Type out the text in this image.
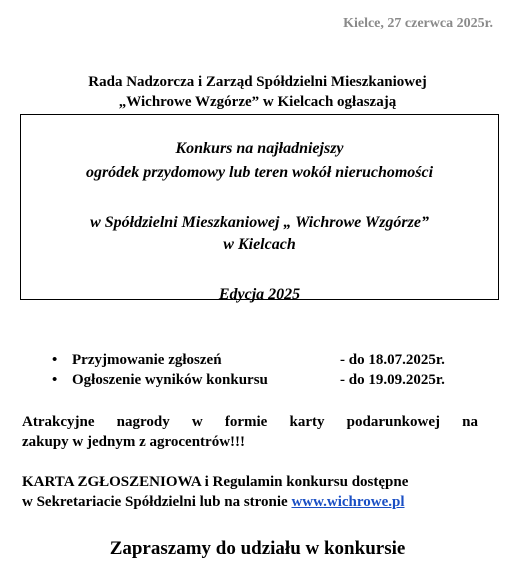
Kielce, 27 czerwca 2025r.
Rada Nadzorcza i Zarząd Spółdzielni Mieszkaniowej
„Wichrowe Wzgórze” w Kielcach ogłaszają
Konkurs na najładniejszy
ogródek przydomowy lub teren wokół nieruchomości
w Spółdzielni Mieszkaniowej „ Wichrowe Wzgórze”
w Kielcach
Edycja 2025
• Przyjmowanie zgłoszeń	- do 18.07.2025r.
• Ogłoszenie wyników konkursu	- do 19.09.2025r.
Atrakcyjne nagrody w formie karty podarunkowej na
zakupy w jednym z agrocentrów!!!
KARTA ZGŁOSZENIOWA i Regulamin konkursu dostępne
w Sekretariacie Spółdzielni lub na stronie www.wichrowe.pl
Zapraszamy do udziału w konkursie
